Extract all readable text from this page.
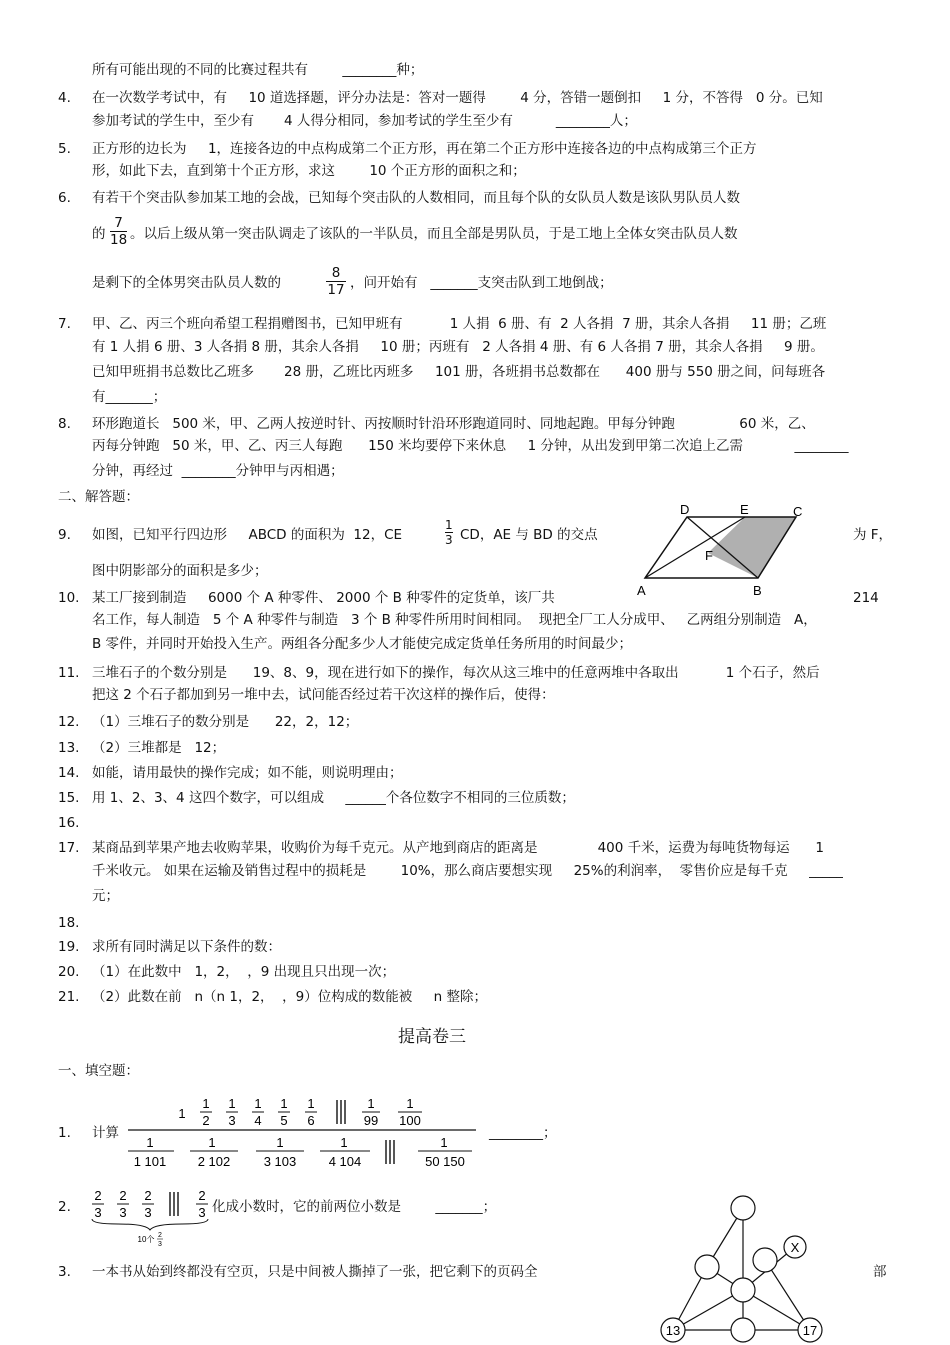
所有可能出现的不同的比赛过程共有        ________种；
4. 在一次数学考试中，有     10 道选择题，评分办法是：答对一题得        4 分，答错一题倒扣     1 分，不答得   0 分。已知
参加考试的学生中，至少有       4 人得分相同，参加考试的学生至少有          ________人；
5. 正方形的边长为     1，连接各边的中点构成第二个正方形，再在第二个正方形中连接各边的中点构成第三个正方
形，如此下去，直到第十个正方形，求这        10 个正方形的面积之和；
6. 有若干个突击队参加某工地的会战，已知每个突击队的人数相同，而且每个队的女队员人数是该队男队员人数
的 $\frac{7}{18}$ 。以后上级从第一突击队调走了该队的一半队员，而且全部是男队员，于是工地上全体女突击队员人数
是剩下的全体男突击队员人数的	$\frac{8}{17}$ ，问开始有   _______支突击队到工地倒战；
7. 甲、乙、丙三个班向希望工程捐赠图书，已知甲班有           1 人捐  6 册、有  2 人各捐  7 册，其余人各捐     11 册；乙班
有 1 人捐 6 册、3 人各捐 8 册，其余人各捐     10 册；丙班有   2 人各捐 4 册、有 6 人各捐 7 册，其余人各捐     9 册。
已知甲班捐书总数比乙班多       28 册，乙班比丙班多     101 册，各班捐书总数都在      400 册与 550 册之间，问每班各
有_______；
8. 环形跑道长   500 米，甲、乙两人按逆时针、丙按顺时针沿环形跑道同时、同地起跑。甲每分钟跑               60 米，乙、
丙每分钟跑   50 米，甲、乙、丙三人每跑      150 米均要停下来休息     1 分钟，从出发到甲第二次追上乙需            ________
分钟，再经过  ________分钟甲与丙相遇；
二、解答题：
9. 如图，已知平行四边形     ABCD 的面积为  12，CE	$\frac{1}{3}$ CD，AE 与 BD 的交点	为 F，
图中阴影部分的面积是多少；
D	E	C
F
A	B
10. 某工厂接到制造     6000 个 A 种零件、 2000 个 B 种零件的定货单，该厂共	214
名工作，每人制造   5 个 A 种零件与制造   3 个 B 种零件所用时间相同。  现把全厂工人分成甲、   乙两组分别制造   A，
B 零件，并同时开始投入生产。两组各分配多少人才能使完成定货单任务所用的时间最少；
11. 三堆石子的个数分别是      19、8、9，现在进行如下的操作，每次从这三堆中的任意两堆中各取出           1 个石子，然后
把这 2 个石子都加到另一堆中去，试问能否经过若干次这样的操作后，使得：
12. （1）三堆石子的数分别是      22，2，12；
13. （2）三堆都是   12；
14. 如能，请用最快的操作完成；如不能，则说明理由；
15. 用 1、2、3、4 这四个数字，可以组成     ______个各位数字不相同的三位质数；
16.
17. 某商品到苹果产地去收购苹果，收购价为每千克元。从产地到商店的距离是              400 千米，运费为每吨货物每运      1
千米收元。 如果在运输及销售过程中的损耗是        10%，那么商店要想实现     25%的利润率，  零售价应是每千克     _____
元；
18.
19. 求所有同时满足以下条件的数：
20. （1）在此数中   1，2，  ，9 出现且只出现一次；
21. （2）此数在前   n（n 1，2，  ，9）位构成的数能被     n 整除；
提高卷三
一、填空题：
1. 计算
1
1
2
1
3
1
4
1
5
1
6
1
99
1
100
1
1 101
1
2 102
1
3 103
1
4 104
1
50 150
________；
2.
2
3
2
3
2
3
2
3
10个 2
3
化成小数时，它的前两位小数是        _______；
3. 一本书从始到终都没有空页，只是中间被人撕掉了一张，把它剩下的页码全	部
X
13	17
